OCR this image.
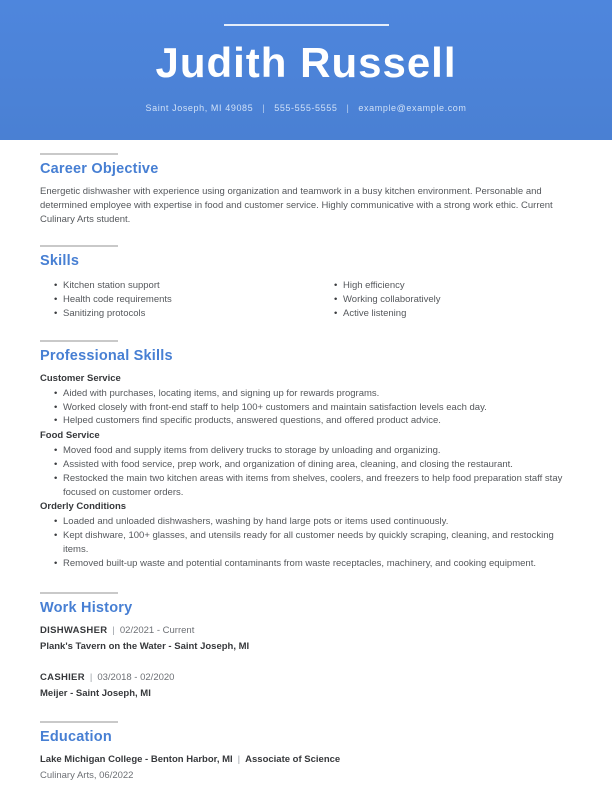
Judith Russell
Saint Joseph, MI 49085 | 555-555-5555 | example@example.com
Career Objective

Energetic dishwasher with experience using organization and teamwork in a busy kitchen environment. Personable and determined employee with expertise in food and customer service. Highly communicative with a strong work ethic. Current Culinary Arts student.

Skills
•
Kitchen station support
•
Health code requirements
•
Sanitizing protocols
•
High efficiency
•
Working collaboratively
•
Active listening
Professional Skills
Customer Service
•
Aided with purchases, locating items, and signing up for rewards programs.
•
Worked closely with front-end staff to help 100+ customers and maintain satisfaction levels each day.
•
Helped customers find specific products, answered questions, and offered product advice.
Food Service
•
Moved food and supply items from delivery trucks to storage by unloading and organizing.
•
Assisted with food service, prep work, and organization of dining area, cleaning, and closing the restaurant.
•
Restocked the main two kitchen areas with items from shelves, coolers, and freezers to help food preparation staff stay focused on customer orders.
Orderly Conditions
•
Loaded and unloaded dishwashers, washing by hand large pots or items used continuously.
•
Kept dishware, 100+ glasses, and utensils ready for all customer needs by quickly scraping, cleaning, and restocking items.
•
Removed built-up waste and potential contaminants from waste receptacles, machinery, and cooking equipment.
Work History
DISHWASHER | 02/2021 - Current
Plank's Tavern on the Water - Saint Joseph, MI
CASHIER | 03/2018 - 02/2020
Meijer - Saint Joseph, MI
Education
Lake Michigan College - Benton Harbor, MI | Associate of Science
Culinary Arts, 06/2022
